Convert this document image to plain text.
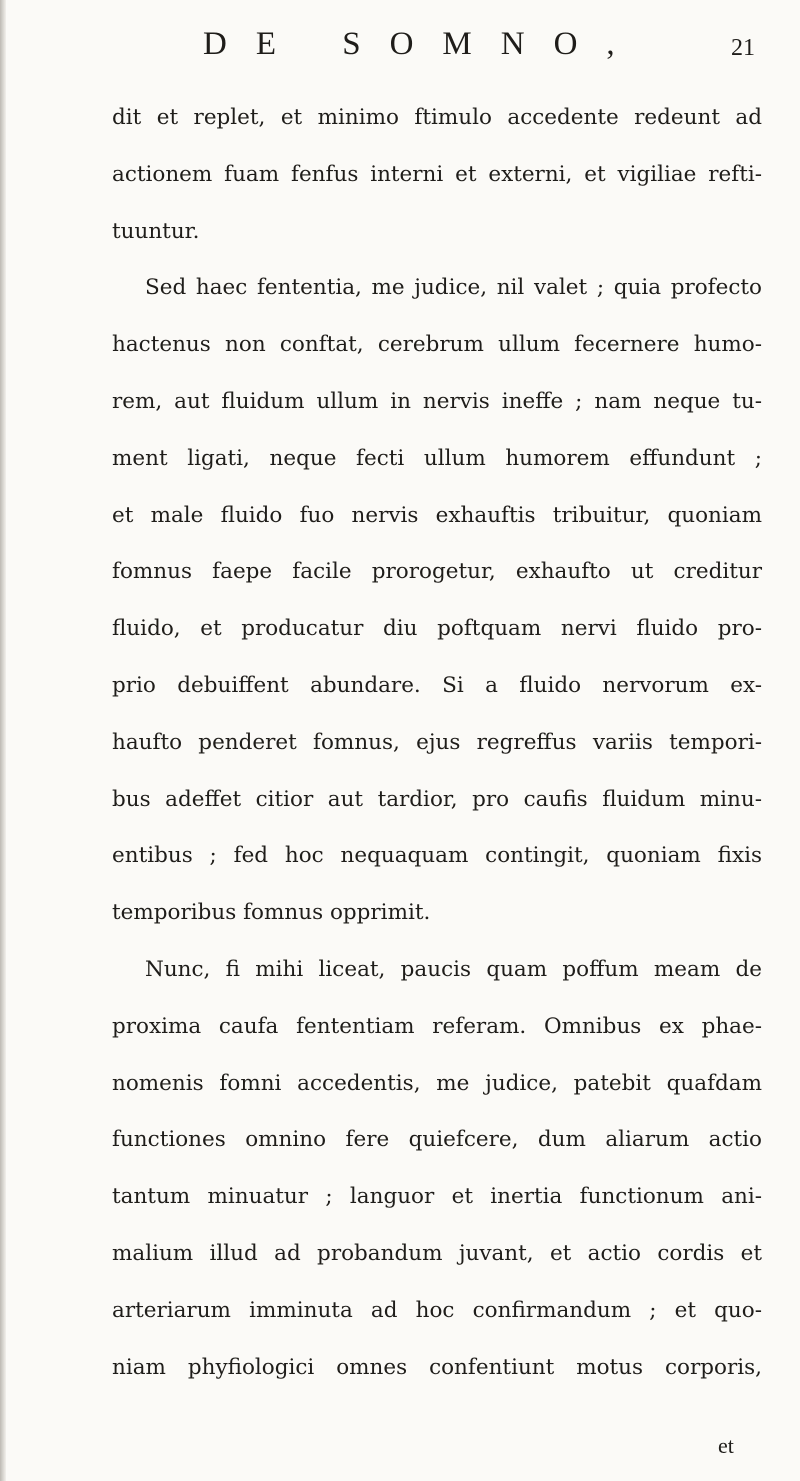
DE SOMNO,	21
dit et replet, et minimo ftimulo accedente redeunt ad
actionem fuam fenfus interni et externi, et vigiliae refti-
tuuntur.
Sed haec fententia, me judice, nil valet ; quia profecto
hactenus non conftat, cerebrum ullum fecernere humo-
rem, aut fluidum ullum in nervis ineffe ; nam neque tu-
ment ligati, neque fecti ullum humorem effundunt ;
et male fluido fuo nervis exhauftis tribuitur, quoniam
fomnus faepe facile prorogetur, exhaufto ut creditur
fluido, et producatur diu poftquam nervi fluido pro-
prio debuiffent abundare. Si a fluido nervorum ex-
haufto penderet fomnus, ejus regreffus variis tempori-
bus adeffet citior aut tardior, pro caufis fluidum minu-
entibus ; fed hoc nequaquam contingit, quoniam fixis
temporibus fomnus opprimit.
Nunc, fi mihi liceat, paucis quam poffum meam de
proxima caufa fententiam referam. Omnibus ex phae-
nomenis fomni accedentis, me judice, patebit quafdam
functiones omnino fere quiefcere, dum aliarum actio
tantum minuatur ; languor et inertia functionum ani-
malium illud ad probandum juvant, et actio cordis et
arteriarum imminuta ad hoc confirmandum ; et quo-
niam phyfiologici omnes confentiunt motus corporis,
et
